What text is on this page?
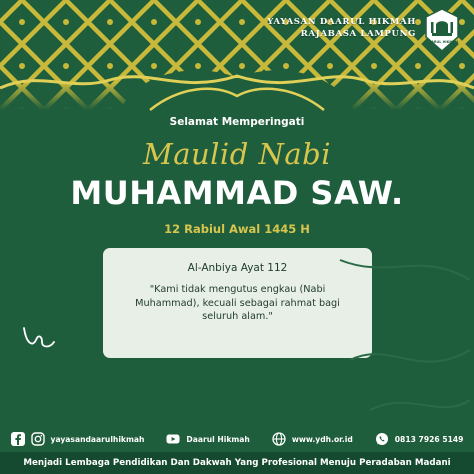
YAYASAN DAARUL HIKMAH
RAJABASA LAMPUNG
DAARUL HIKMAH
Selamat Memperingati
Maulid Nabi
MUHAMMAD SAW.
12 Rabiul Awal 1445 H
Al-Anbiya Ayat 112
"Kami tidak mengutus engkau (Nabi Muhammad), kecuali sebagai rahmat bagi seluruh alam."
yayasandaarulhikmah	Daarul Hikmah	www.ydh.or.id	0813 7926 5149
Menjadi Lembaga Pendidikan Dan Dakwah Yang Profesional Menuju Peradaban Madani
